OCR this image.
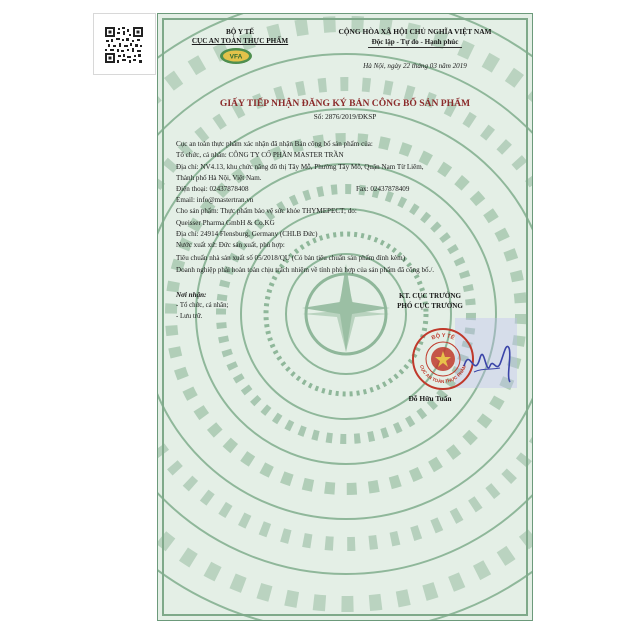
BỘ Y TẾ
CỤC AN TOÀN THỰC PHẨM
VFA
CỘNG HÒA XÃ HỘI CHỦ NGHĨA VIỆT NAM
Độc lập - Tự do - Hạnh phúc
Hà Nội, ngày 22 tháng 03 năm 2019
GIẤY TIẾP NHẬN ĐĂNG KÝ BẢN CÔNG BỐ SẢN PHẨM
Số: 2876/2019/ĐKSP
Cục an toàn thực phẩm xác nhận đã nhận Bản công bố sản phẩm của:
Tổ chức, cá nhân: CÔNG TY CỔ PHẦN MASTER TRẦN
Địa chỉ: NV4.13, khu chức năng đô thị Tây Mỗ, Phường Tây Mỗ, Quận Nam Từ Liêm,
Thành phố Hà Nội, Việt Nam.
Điện thoại: 02437878408	Fax: 02437878409
Email: info@mastertran.vn
Cho sản phẩm: Thực phẩm bảo vệ sức khỏe THYMEPECT; do:
Queisser Pharma GmbH & Co.KG
Địa chỉ: 24914 Flensburg, Germany (CHLB Đức)
Nước xuất xứ: Đức sản xuất, phù hợp:
Tiêu chuẩn nhà sản xuất số 05/2018/QU (Có bản tiêu chuẩn sản phẩm đính kèm)
Doanh nghiệp phải hoàn toàn chịu trách nhiệm về tính phù hợp của sản phẩm đã công bố./.
Nơi nhận:
- Tổ chức, cá nhân;
- Lưu trữ.
KT. CỤC TRƯỞNG
PHÓ CỤC TRƯỞNG
BỘ Y TẾ
CỤC AN TOÀN THỰC PHẨM
Đỗ Hữu Tuấn
